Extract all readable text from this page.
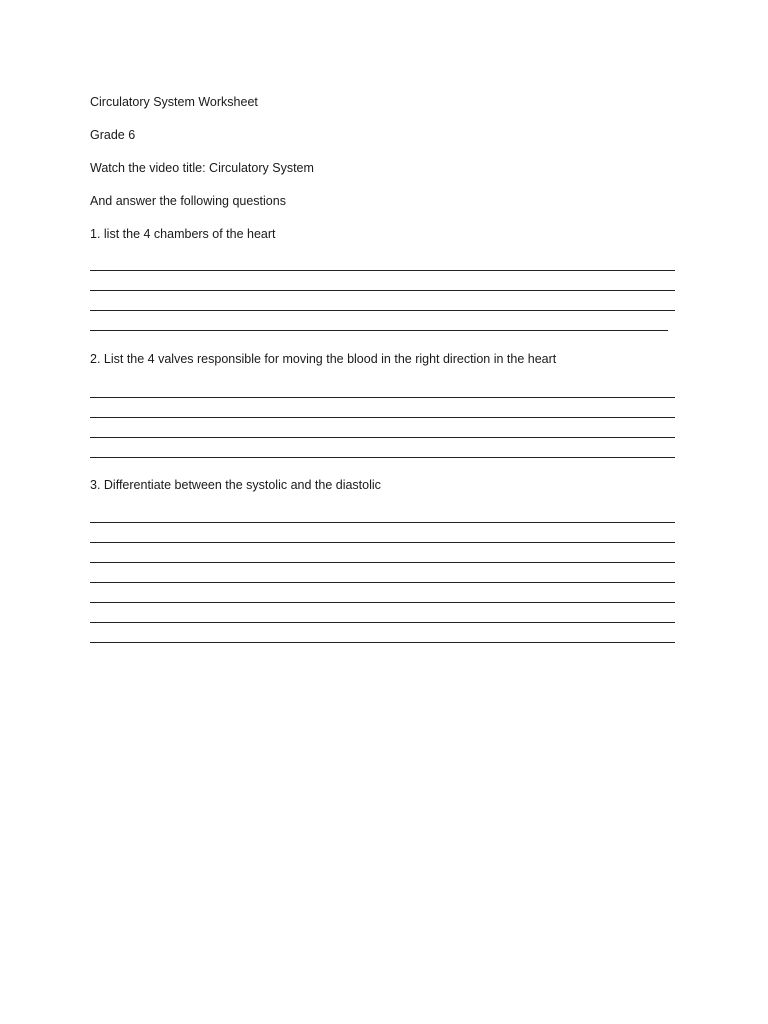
Circulatory System Worksheet
Grade 6
Watch the video title: Circulatory System
And answer the following questions
1. list the 4 chambers of the heart
2. List the 4 valves responsible for moving the blood in the right direction in the heart
3. Differentiate between the systolic and the diastolic
